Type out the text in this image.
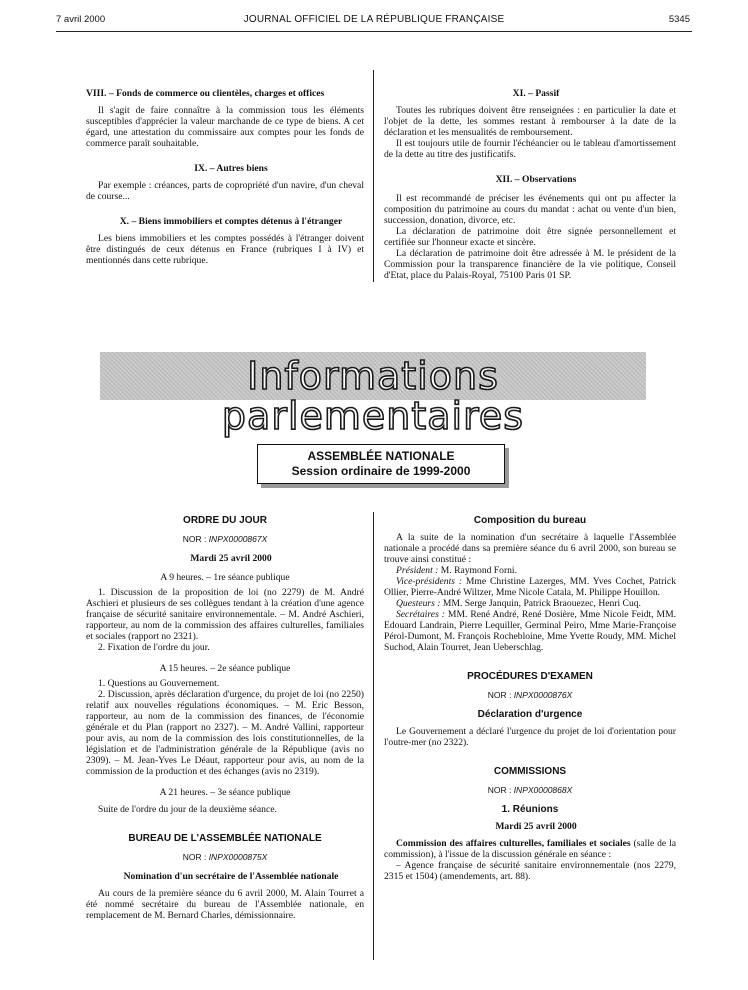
7 avril 2000	JOURNAL OFFICIEL DE LA RÉPUBLIQUE FRANÇAISE	5345

VIII. – Fonds de commerce ou clientèles, charges et offices

Il s'agit de faire connaître à la commission tous les éléments susceptibles d'apprécier la valeur marchande de ce type de biens. A cet égard, une attestation du commissaire aux comptes pour les fonds de commerce paraît souhaitable.

IX. – Autres biens

Par exemple : créances, parts de copropriété d'un navire, d'un cheval de course...

X. – Biens immobiliers et comptes détenus à l'étranger

Les biens immobiliers et les comptes possédés à l'étranger doivent être distingués de ceux détenus en France (rubriques I à IV) et mentionnés dans cette rubrique.

XI. – Passif

Toutes les rubriques doivent être renseignées : en particulier la date et l'objet de la dette, les sommes restant à rembourser à la date de la déclaration et les mensualités de remboursement.

Il est toujours utile de fournir l'échéancier ou le tableau d'amortissement de la dette au titre des justificatifs.

XII. – Observations

Il est recommandé de préciser les événements qui ont pu affecter la composition du patrimoine au cours du mandat : achat ou vente d'un bien, succession, donation, divorce, etc.

La déclaration de patrimoine doit être signée personnellement et certifiée sur l'honneur exacte et sincère.

La déclaration de patrimoine doit être adressée à M. le président de la Commission pour la transparence financière de la vie politique, Conseil d'Etat, place du Palais-Royal, 75100 Paris 01 SP.

Informations parlementaires
ASSEMBLÉE NATIONALE
Session ordinaire de 1999-2000
ORDRE DU JOUR
NOR : INPX0000867X

Mardi 25 avril 2000

A 9 heures. – 1re séance publique

1. Discussion de la proposition de loi (no 2279) de M. André Aschieri et plusieurs de ses collègues tendant à la création d'une agence française de sécurité sanitaire environnementale. – M. André Aschieri, rapporteur, au nom de la commission des affaires culturelles, familiales et sociales (rapport no 2321).

2. Fixation de l'ordre du jour.

A 15 heures. – 2e séance publique

1. Questions au Gouvernement.

2. Discussion, après déclaration d'urgence, du projet de loi (no 2250) relatif aux nouvelles régulations économiques. – M. Eric Besson, rapporteur, au nom de la commission des finances, de l'économie générale et du Plan (rapport no 2327). – M. André Vallini, rapporteur pour avis, au nom de la commission des lois constitutionnelles, de la législation et de l'administration générale de la République (avis no 2309). – M. Jean-Yves Le Déaut, rapporteur pour avis, au nom de la commission de la production et des échanges (avis no 2319).

A 21 heures. – 3e séance publique

Suite de l'ordre du jour de la deuxième séance.

BUREAU DE L'ASSEMBLÉE NATIONALE
NOR : INPX0000875X

Nomination d'un secrétaire de l'Assemblée nationale

Au cours de la première séance du 6 avril 2000, M. Alain Tourret a été nommé secrétaire du bureau de l'Assemblée nationale, en remplacement de M. Bernard Charles, démissionnaire.

Composition du bureau

A la suite de la nomination d'un secrétaire à laquelle l'Assemblée nationale a procédé dans sa première séance du 6 avril 2000, son bureau se trouve ainsi constitué :

Président : M. Raymond Forni.

Vice-présidents : Mme Christine Lazerges, MM. Yves Cochet, Patrick Ollier, Pierre-André Wiltzer, Mme Nicole Catala, M. Philippe Houillon.

Questeurs : MM. Serge Janquin, Patrick Braouezec, Henri Cuq.

Secrétaires : MM. René André, René Dosière, Mme Nicole Feidt, MM. Edouard Landrain, Pierre Lequiller, Germinal Peiro, Mme Marie-Françoise Pérol-Dumont, M. François Rochebloine, Mme Yvette Roudy, MM. Michel Suchod, Alain Tourret, Jean Ueberschlag.

PROCÉDURES D'EXAMEN
NOR : INPX0000876X
Déclaration d'urgence

Le Gouvernement a déclaré l'urgence du projet de loi d'orientation pour l'outre-mer (no 2322).

COMMISSIONS
NOR : INPX0000868X
1. Réunions

Mardi 25 avril 2000

Commission des affaires culturelles, familiales et sociales (salle de la commission), à l'issue de la discussion générale en séance :

– Agence française de sécurité sanitaire environnementale (nos 2279, 2315 et 1504) (amendements, art. 88).
